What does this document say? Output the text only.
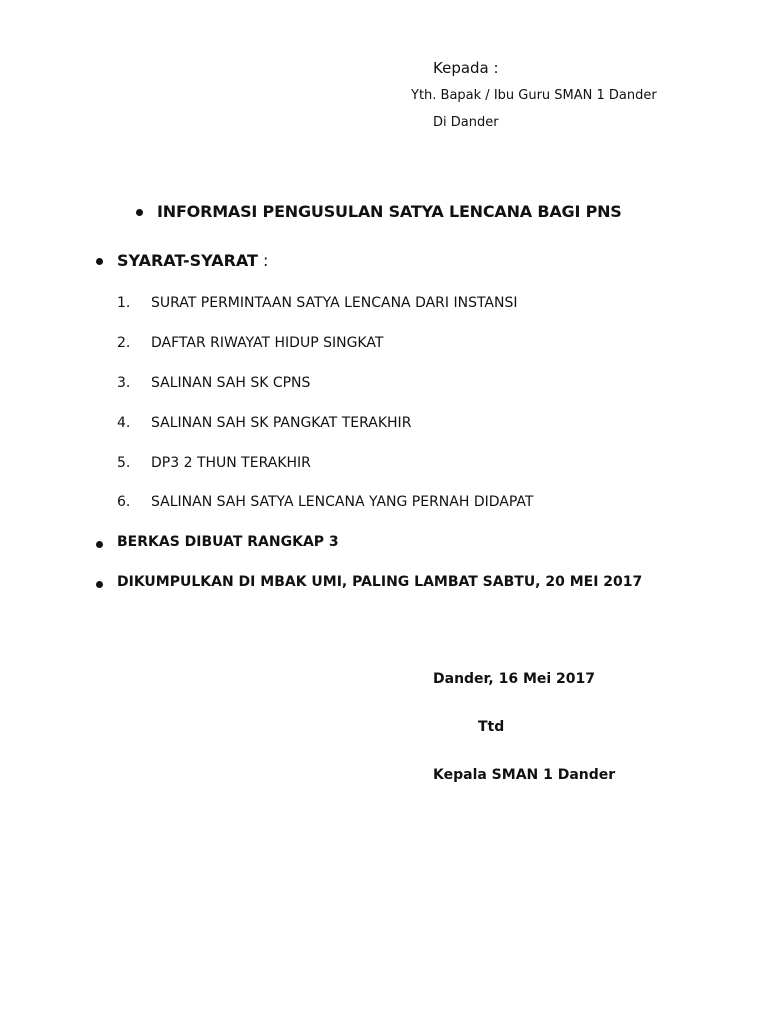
Kepada :
Yth. Bapak / Ibu Guru SMAN 1 Dander
Di Dander
INFORMASI PENGUSULAN SATYA LENCANA BAGI PNS
SYARAT-SYARAT :
1. SURAT PERMINTAAN SATYA LENCANA DARI INSTANSI
2. DAFTAR RIWAYAT HIDUP SINGKAT
3. SALINAN SAH SK CPNS
4. SALINAN SAH SK PANGKAT TERAKHIR
5. DP3 2 THUN TERAKHIR
6. SALINAN SAH SATYA LENCANA YANG PERNAH DIDAPAT
BERKAS DIBUAT RANGKAP 3
DIKUMPULKAN DI MBAK UMI, PALING LAMBAT SABTU, 20 MEI 2017
Dander, 16 Mei 2017
Ttd
Kepala SMAN 1 Dander
